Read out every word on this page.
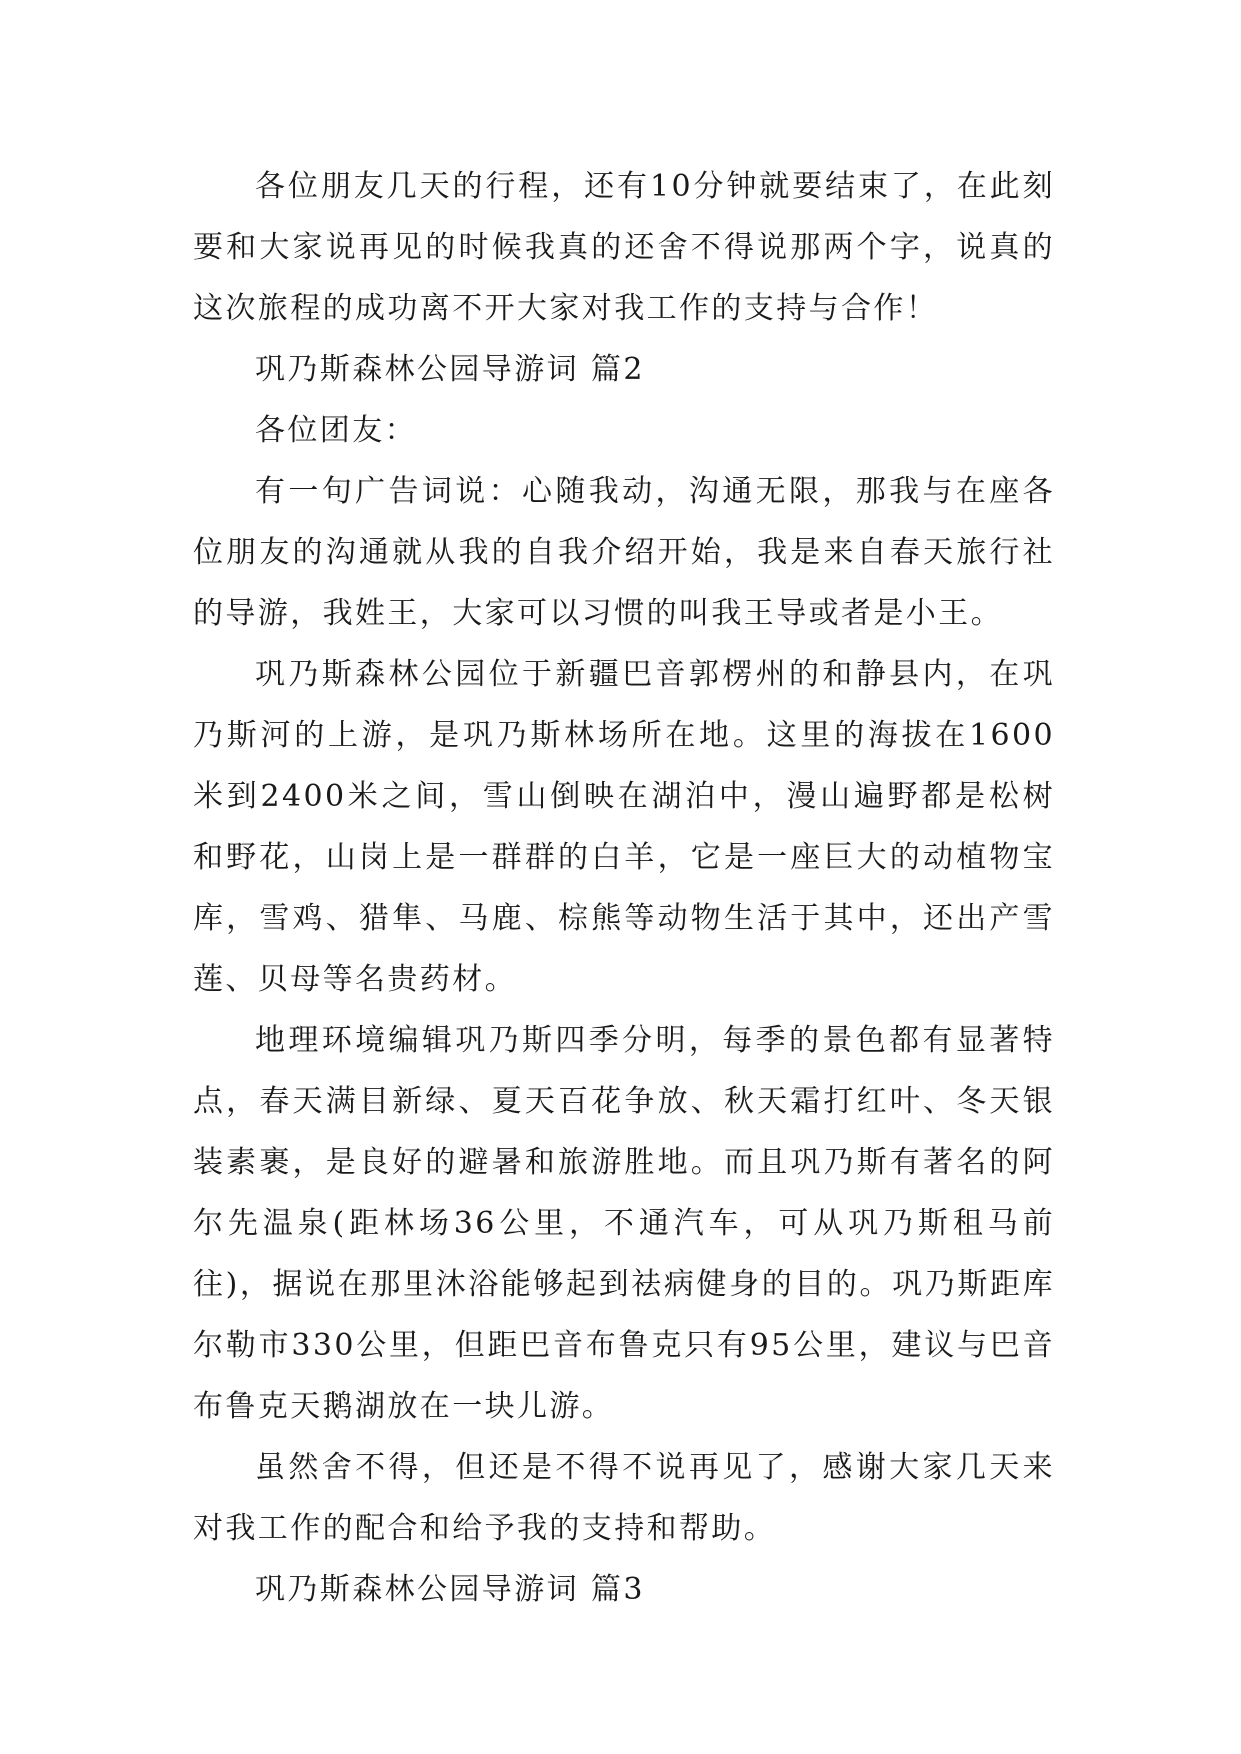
各位朋友几天的行程，还有10分钟就要结束了，在此刻要和大家说再见的时候我真的还舍不得说那两个字，说真的这次旅程的成功离不开大家对我工作的支持与合作！

巩乃斯森林公园导游词 篇2

各位团友：

有一句广告词说：心随我动，沟通无限，那我与在座各位朋友的沟通就从我的自我介绍开始，我是来自春天旅行社的导游，我姓王，大家可以习惯的叫我王导或者是小王。

巩乃斯森林公园位于新疆巴音郭楞州的和静县内，在巩乃斯河的上游，是巩乃斯林场所在地。这里的海拔在1600米到2400米之间，雪山倒映在湖泊中，漫山遍野都是松树和野花，山岗上是一群群的白羊，它是一座巨大的动植物宝库，雪鸡、猎隼、马鹿、棕熊等动物生活于其中，还出产雪莲、贝母等名贵药材。

地理环境编辑巩乃斯四季分明，每季的景色都有显著特点，春天满目新绿、夏天百花争放、秋天霜打红叶、冬天银装素裹，是良好的避暑和旅游胜地。而且巩乃斯有著名的阿尔先温泉(距林场36公里，不通汽车，可从巩乃斯租马前往)，据说在那里沐浴能够起到祛病健身的目的。巩乃斯距库尔勒市330公里，但距巴音布鲁克只有95公里，建议与巴音布鲁克天鹅湖放在一块儿游。

虽然舍不得，但还是不得不说再见了，感谢大家几天来对我工作的配合和给予我的支持和帮助。

巩乃斯森林公园导游词 篇3
